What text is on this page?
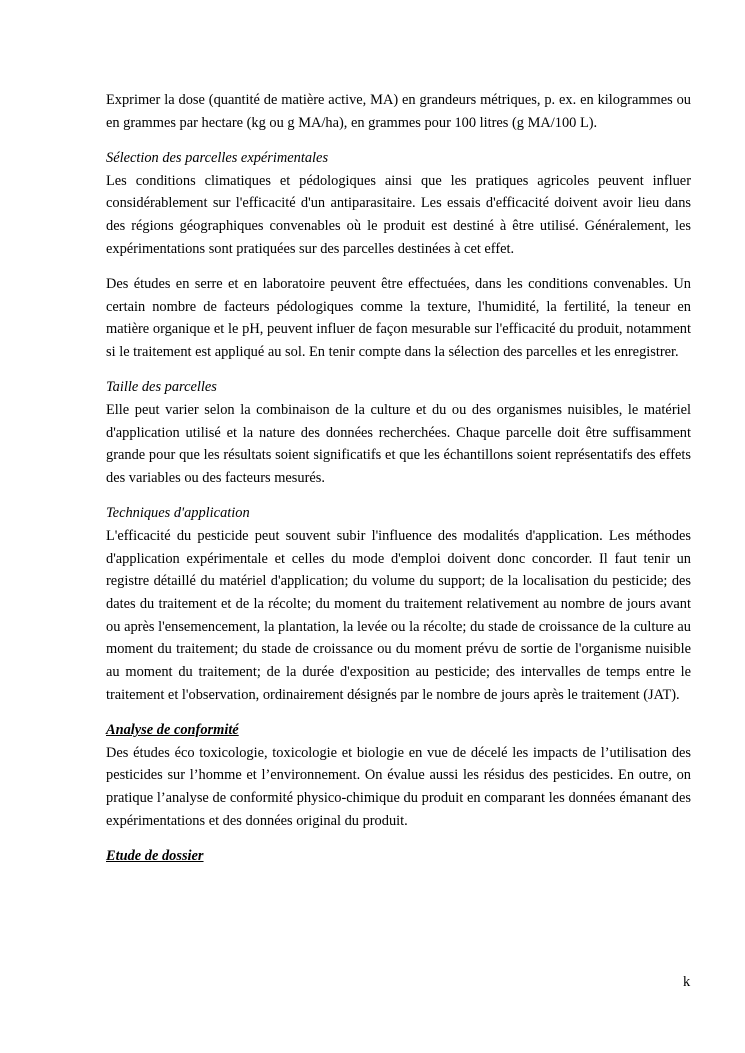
Exprimer la dose (quantité de matière active, MA) en grandeurs métriques, p. ex. en kilogrammes ou en grammes par hectare (kg ou g MA/ha), en grammes pour 100 litres (g MA/100 L).

Sélection des parcelles expérimentales

Les conditions climatiques et pédologiques ainsi que les pratiques agricoles peuvent influer considérablement sur l'efficacité d'un antiparasitaire. Les essais d'efficacité doivent avoir lieu dans des régions géographiques convenables où le produit est destiné à être utilisé. Généralement, les expérimentations sont pratiquées sur des parcelles destinées à cet effet.

Des études en serre et en laboratoire peuvent être effectuées, dans les conditions convenables. Un certain nombre de facteurs pédologiques comme la texture, l'humidité, la fertilité, la teneur en matière organique et le pH, peuvent influer de façon mesurable sur l'efficacité du produit, notamment si le traitement est appliqué au sol. En tenir compte dans la sélection des parcelles et les enregistrer.

Taille des parcelles

Elle peut varier selon la combinaison de la culture et du ou des organismes nuisibles, le matériel d'application utilisé et la nature des données recherchées. Chaque parcelle doit être suffisamment grande pour que les résultats soient significatifs et que les échantillons soient représentatifs des effets des variables ou des facteurs mesurés.

Techniques d'application

L'efficacité du pesticide peut souvent subir l'influence des modalités d'application. Les méthodes d'application expérimentale et celles du mode d'emploi doivent donc concorder. Il faut tenir un registre détaillé du matériel d'application; du volume du support; de la localisation du pesticide; des dates du traitement et de la récolte; du moment du traitement relativement au nombre de jours avant ou après l'ensemencement, la plantation, la levée ou la récolte; du stade de croissance de la culture au moment du traitement; du stade de croissance ou du moment prévu de sortie de l'organisme nuisible au moment du traitement; de la durée d'exposition au pesticide; des intervalles de temps entre le traitement et l'observation, ordinairement désignés par le nombre de jours après le traitement (JAT).

Analyse de conformité

Des études éco toxicologie, toxicologie et biologie en vue de décelé les impacts de l’utilisation des pesticides sur l’homme et l’environnement. On évalue aussi les résidus des pesticides. En outre, on pratique l’analyse de conformité physico-chimique du produit en comparant les données émanant des expérimentations et des données original du produit.

Etude de dossier

k
